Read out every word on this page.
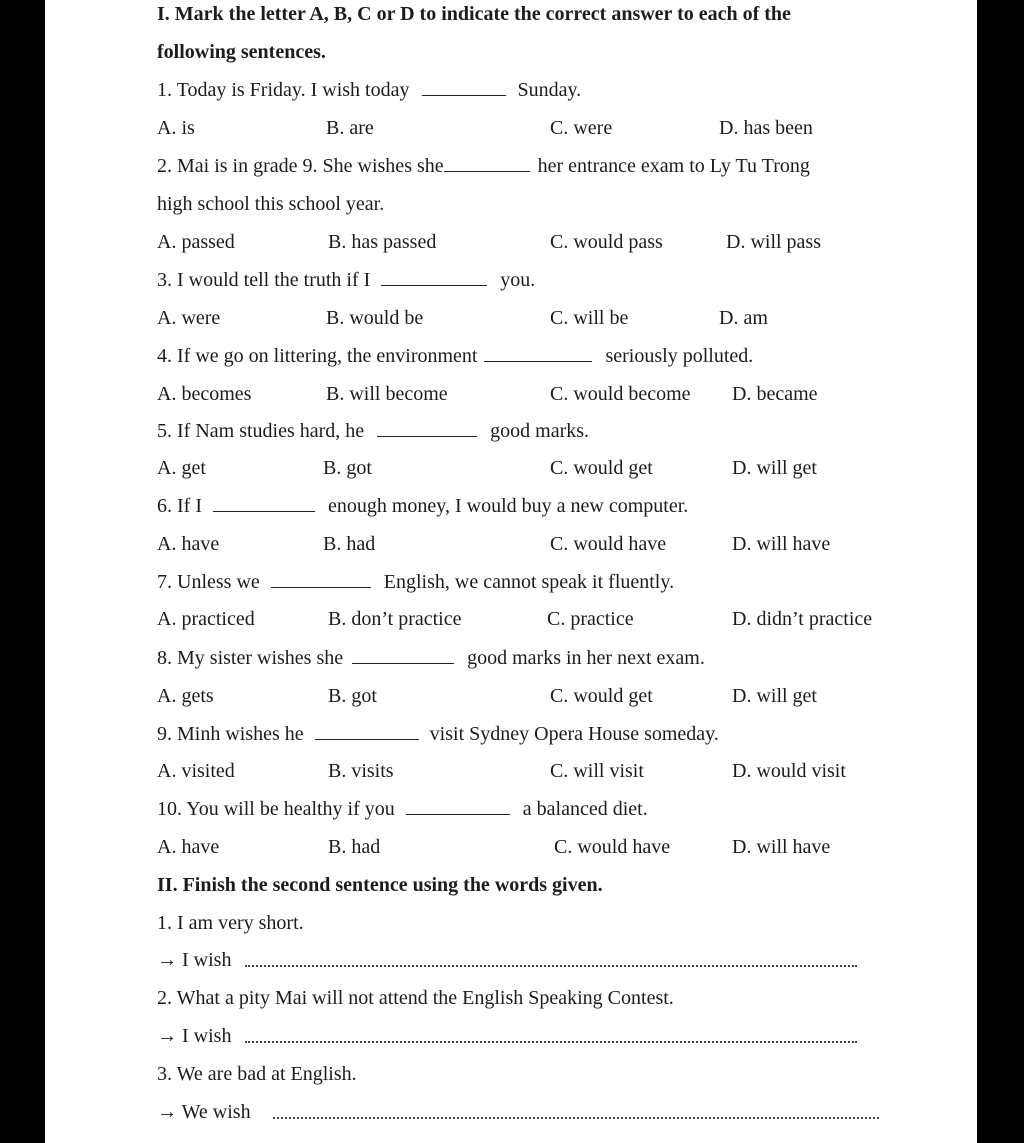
I. Mark the letter A, B, C or D to indicate the correct answer to each of the
following sentences.
1. Today is Friday. I wish today	Sunday.
A. is	B. are	C. were	D. has been
2. Mai is in grade 9. She wishes she	her entrance exam to Ly Tu Trong
high school this school year.
A. passed	B. has passed	C. would pass	D. will pass
3. I would tell the truth if I	you.
A. were	B. would be	C. will be	D. am
4. If we go on littering, the environment	seriously polluted.
A. becomes	B. will become	C. would become D. became
5. If Nam studies hard, he	good marks.
A. get	B. got	C. would get	D. will get
6. If I	enough money, I would buy a new computer.
A. have	B. had	C. would have	D. will have
7. Unless we	English, we cannot speak it fluently.
A. practiced	B. don’t practice	C. practice	D. didn’t practice
8. My sister wishes she	good marks in her next exam.
A. gets	B. got	C. would get	D. will get
9. Minh wishes he	visit Sydney Opera House someday.
A. visited	B. visits	C. will visit	D. would visit
10. You will be healthy if you	a balanced diet.
A. have	B. had	C. would have	D. will have
II. Finish the second sentence using the words given.
1. I am very short.
→ I wish
2. What a pity Mai will not attend the English Speaking Contest.
→ I wish
3. We are bad at English.
→ We wish
